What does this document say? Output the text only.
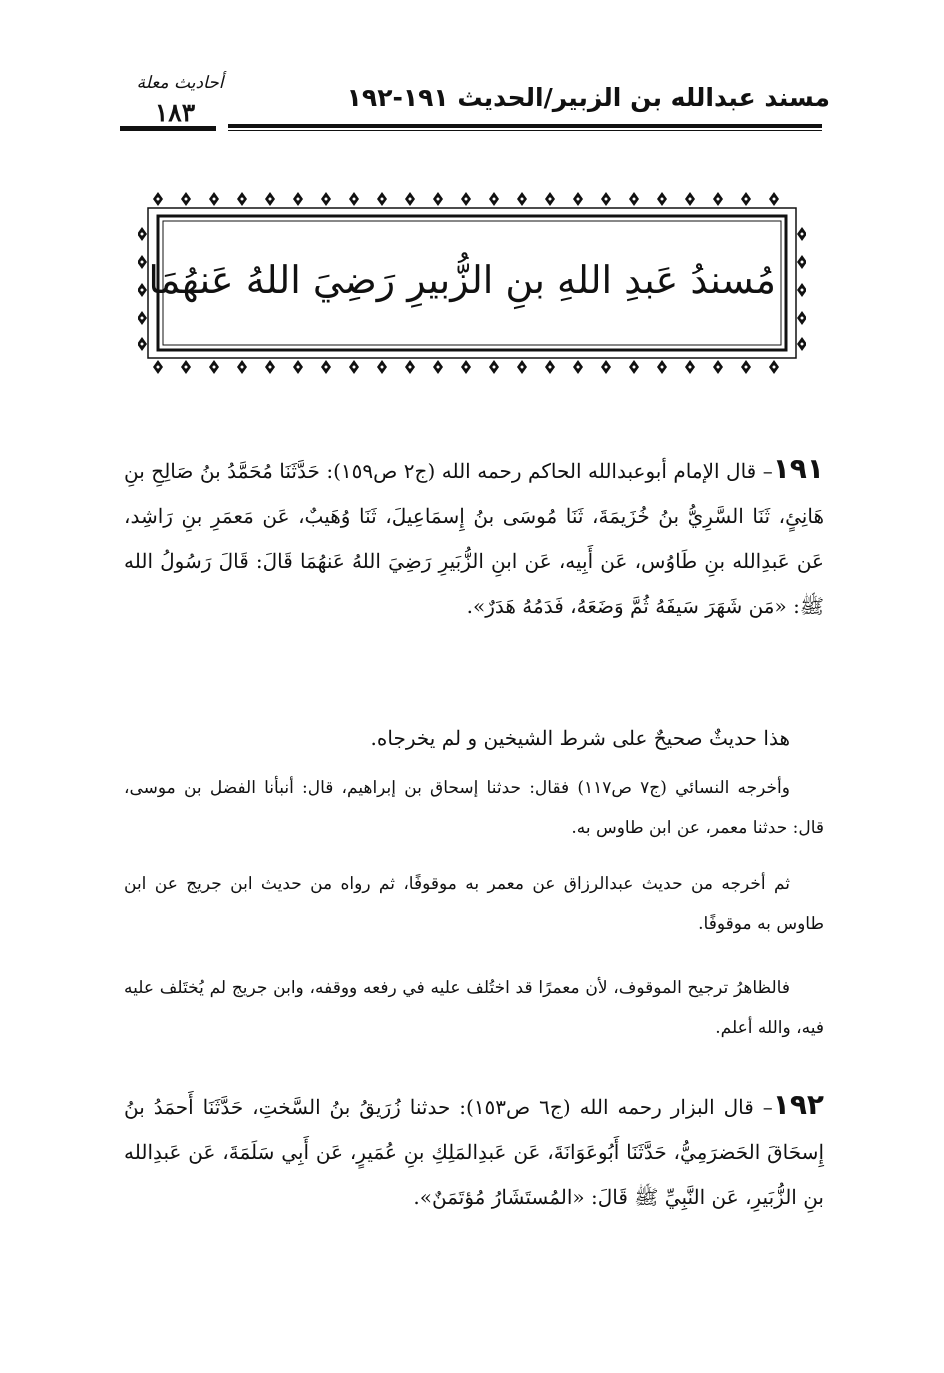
مسند عبدالله بن الزبير/الحديث ١٩١-١٩٢
أحاديث معلة
١٨٣
مُسندُ عَبدِ اللهِ بنِ الزُّبيرِ رَضِيَ اللهُ عَنهُمَا
١٩١– قال الإمام أبوعبدالله الحاكم رحمه الله (ج٢ ص١٥٩): حَدَّثَنَا مُحَمَّدُ بنُ صَالِحِ بنِ هَانِئٍ، ثَنَا السَّرِيُّ بنُ خُزَيمَةَ، ثَنَا مُوسَى بنُ إِسمَاعِيلَ، ثَنَا وُهَيبٌ، عَن مَعمَرِ بنِ رَاشِد، عَن عَبدِالله بنِ طَاوُس، عَن أَبِيه، عَن ابنِ الزُّبَيرِ رَضِيَ اللهُ عَنهُمَا قَالَ: قَالَ رَسُولُ الله ﷺ: «مَن شَهَرَ سَيفَهُ ثُمَّ وَضَعَهُ، فَدَمُهُ هَدَرٌ».
هذا حديثٌ صحيحٌ على شرط الشيخين و لم يخرجاه.
وأخرجه النسائي (ج٧ ص١١٧) فقال: حدثنا إسحاق بن إبراهيم، قال: أنبأنا الفضل بن موسى، قال: حدثنا معمر، عن ابن طاوس به.
ثم أخرجه من حديث عبدالرزاق عن معمر به موقوفًا، ثم رواه من حديث ابن جريج عن ابن طاوس به موقوفًا.
فالظاهرُ ترجيح الموقوف، لأن معمرًا قد اختُلف عليه في رفعه ووقفه، وابن جريج لم يُختَلف عليه فيه، والله أعلم.
١٩٢– قال البزار رحمه الله (ج٦ ص١٥٣): حدثنا زُرَيقُ بنُ السَّختِ، حَدَّثَنَا أَحمَدُ بنُ إِسحَاقَ الحَضرَمِيُّ، حَدَّثَنَا أَبُوعَوَانَةَ، عَن عَبدِالمَلِكِ بنِ عُمَيرٍ، عَن أَبِي سَلَمَةَ، عَن عَبدِالله بنِ الزُّبَيرِ، عَن النَّبِيِّ ﷺ قَالَ: «المُستَشَارُ مُؤتَمَنٌ».
